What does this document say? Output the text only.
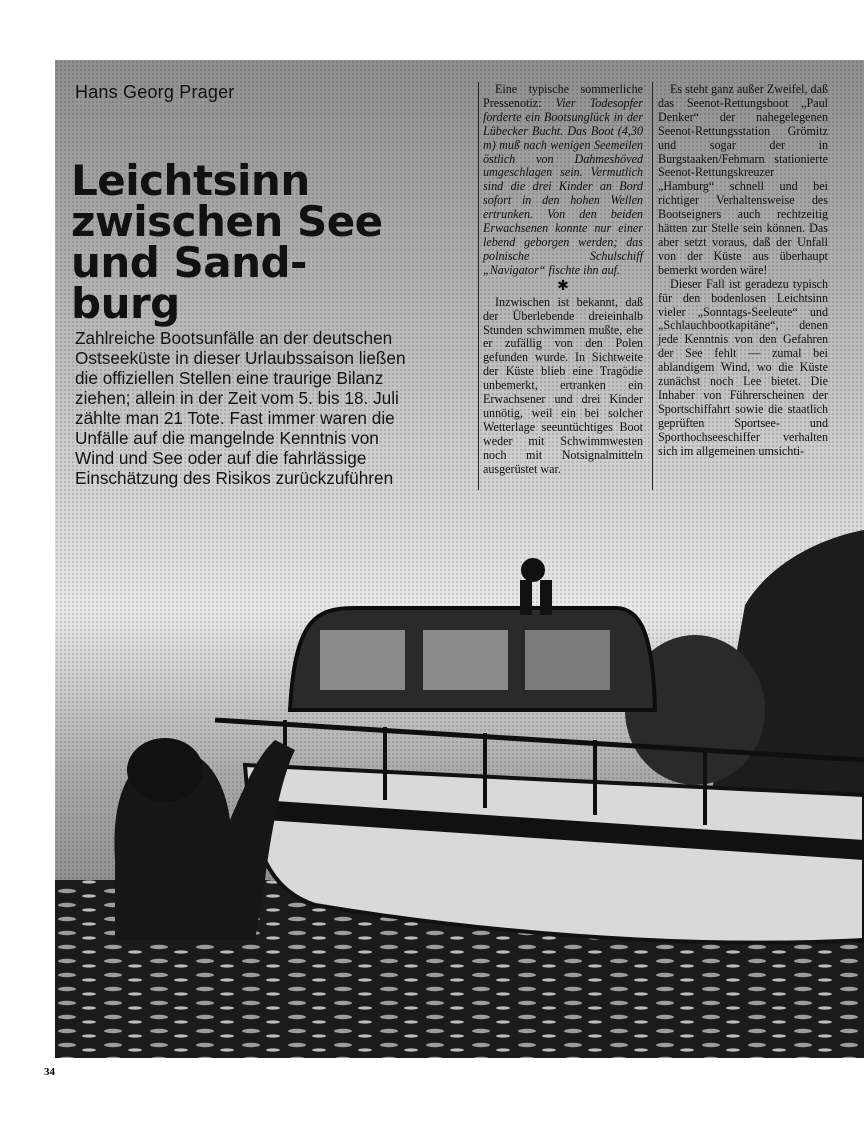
Hans Georg Prager
Leichtsinn
zwischen See
und Sand-
burg
Zahlreiche Bootsunfälle an der deutschen
Ostseeküste in dieser Urlaubssaison ließen
die offiziellen Stellen eine traurige Bilanz
ziehen; allein in der Zeit vom 5. bis 18. Juli
zählte man 21 Tote. Fast immer waren die
Unfälle auf die mangelnde Kenntnis von
Wind und See oder auf die fahrlässige
Einschätzung des Risikos zurückzuführen

Eine typische sommerliche Pressenotiz: Vier Todesopfer forderte ein Bootsunglück in der Lübecker Bucht. Das Boot (4,30 m) muß nach wenigen Seemeilen östlich von Dahmeshöved umgeschlagen sein. Vermutlich sind die drei Kinder an Bord sofort in den hohen Wellen ertrunken. Von den beiden Erwachsenen konnte nur einer lebend geborgen werden; das polnische Schulschiff „Navigator“ fischte ihn auf.

✱

Inzwischen ist bekannt, daß der Überlebende dreieinhalb Stunden schwimmen mußte, ehe er zufällig von den Polen gefunden wurde. In Sichtweite der Küste blieb eine Tragödie unbemerkt, ertranken ein Erwachsener und drei Kinder unnötig, weil ein bei solcher Wetterlage seeuntüchtiges Boot weder mit Schwimmwesten noch mit Notsignalmitteln ausgerüstet war.

Es steht ganz außer Zweifel, daß das Seenot-Rettungsboot „Paul Denker“ der nahegelegenen Seenot-Rettungsstation Grömitz und sogar der in Burgstaaken/Fehmarn stationierte Seenot-Rettungskreuzer „Hamburg“ schnell und bei richtiger Verhaltensweise des Bootseigners auch rechtzeitig hätten zur Stelle sein können. Das aber setzt voraus, daß der Unfall von der Küste aus überhaupt bemerkt worden wäre!

Dieser Fall ist geradezu typisch für den bodenlosen Leichtsinn vieler „Sonntags-Seeleute“ und „Schlauchbootkapitäne“, denen jede Kenntnis von den Gefahren der See fehlt — zumal bei ablandigem Wind, wo die Küste zunächst noch Lee bietet. Die Inhaber von Führerscheinen der Sportschiffahrt sowie die staatlich geprüften Sportsee- und Sporthochseeschiffer verhalten sich im allgemeinen umsichti-

34
